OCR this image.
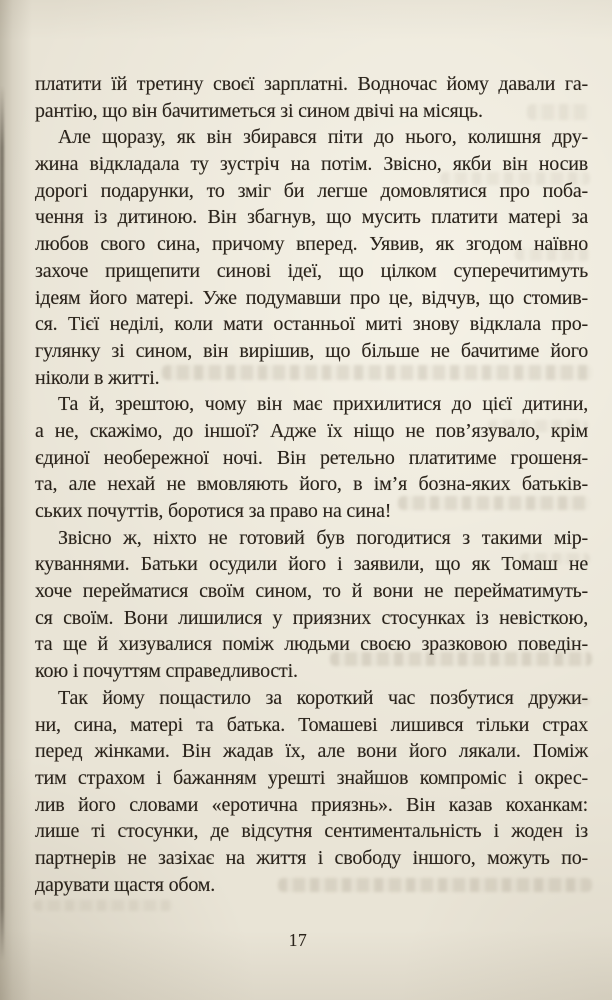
платити їй третину своєї зарплатні. Водночас йому давали га-
рантію, що він бачитиметься зі сином двічі на місяць.
Але щоразу, як він збирався піти до нього, колишня дру-
жина відкладала ту зустріч на потім. Звісно, якби він носив
дорогі подарунки, то зміг би легше домовлятися про поба-
чення із дитиною. Він збагнув, що мусить платити матері за
любов свого сина, причому вперед. Уявив, як згодом наївно
захоче прищепити синові ідеї, що цілком суперечитимуть
ідеям його матері. Уже подумавши про це, відчув, що стомив-
ся. Тієї неділі, коли мати останньої миті знову відклала про-
гулянку зі сином, він вирішив, що більше не бачитиме його
ніколи в житті.
Та й, зрештою, чому він має прихилитися до цієї дитини,
а не, скажімо, до іншої? Адже їх ніщо не пов’язувало, крім
єдиної необережної ночі. Він ретельно платитиме грошеня-
та, але нехай не вмовляють його, в ім’я бозна-яких батьків-
ських почуттів, боротися за право на сина!
Звісно ж, ніхто не готовий був погодитися з такими мір-
куваннями. Батьки осудили його і заявили, що як Томаш не
хоче перейматися своїм сином, то й вони не перейматимуть-
ся своїм. Вони лишилися у приязних стосунках із невісткою,
та ще й хизувалися поміж людьми своєю зразковою поведін-
кою і почуттям справедливості.
Так йому пощастило за короткий час позбутися дружи-
ни, сина, матері та батька. Томашеві лишився тільки страх
перед жінками. Він жадав їх, але вони його лякали. Поміж
тим страхом і бажанням урешті знайшов компроміс і окрес-
лив його словами «еротична приязнь». Він казав коханкам:
лише ті стосунки, де відсутня сентиментальність і жоден із
партнерів не зазіхає на життя і свободу іншого, можуть по-
дарувати щастя обом.
17
